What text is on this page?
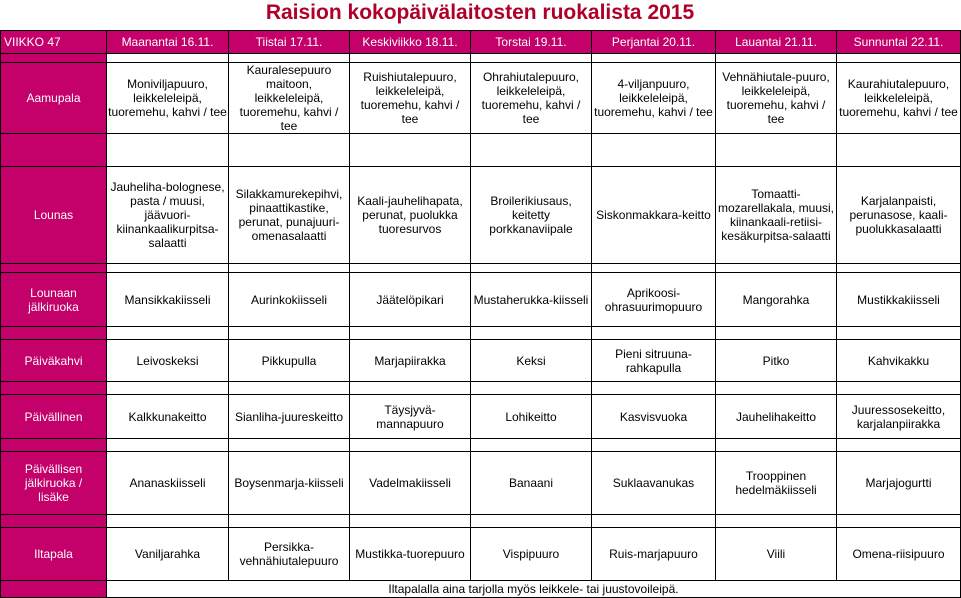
Raision kokopäivälaitosten ruokalista 2015
VIIKKO 47	Maanantai 16.11.	Tiistai 17.11.	Keskiviikko 18.11.	Torstai 19.11.	Perjantai 20.11.	Lauantai 21.11.	Sunnuntai 22.11.

Aamupala	Moniviljapuuro,
leikkeleleipä,
tuoremehu, kahvi / tee	Kauralesepuuro
maitoon, leikkeleleipä,
tuoremehu, kahvi / tee	Ruishiutalepuuro,
leikkeleleipä,
tuoremehu, kahvi / tee	Ohrahiutalepuuro,
leikkeleleipä,
tuoremehu, kahvi / tee	4-viljanpuuro,
leikkeleleipä,
tuoremehu, kahvi / tee	Vehnähiutale-puuro,
leikkeleleipä,
tuoremehu, kahvi / tee	Kaurahiutalepuuro,
leikkeleleipä,
tuoremehu, kahvi / tee

Lounas	Jauheliha-bolognese,
pasta / muusi,
jäävuori-
kiinankaalikurpitsa-
salaatti	Silakkamurekepihvi,
pinaattikastike,
perunat, punajuuri-
omenasalaatti	Kaali-jauhelihapata,
perunat, puolukka
tuoresurvos	Broilerikiusaus,
keitetty
porkkanaviipale	Siskonmakkara-keitto	Tomaatti-
mozarellakala, muusi,
kiinankaali-retiisi-
kesäkurpitsa-salaatti	Karjalanpaisti,
perunasose, kaali-
puolukkasalaatti

Lounaan
jälkiruoka	Mansikkakiisseli	Aurinkokiisseli	Jäätelöpikari	Mustaherukka-kiisseli	Aprikoosi-
ohrasuurimopuuro	Mangorahka	Mustikkakiisseli

Päiväkahvi	Leivoskeksi	Pikkupulla	Marjapiirakka	Keksi	Pieni sitruuna-
rahkapulla	Pitko	Kahvikakku

Päivällinen	Kalkkunakeitto	Sianliha-juureskeitto	Täysjyvä-mannapuuro	Lohikeitto	Kasvisvuoka	Jauhelihakeitto	Juuressosekeitto,
karjalanpiirakka

Päivällisen
jälkiruoka /
lisäke	Ananaskiisseli	Boysenmarja-kiisseli	Vadelmakiisseli	Banaani	Suklaavanukas	Trooppinen
hedelmäkiisseli	Marjajogurtti

Iltapala	Vaniljarahka	Persikka-
vehnähiutalepuuro	Mustikka-tuorepuuro	Vispipuuro	Ruis-marjapuuro	Viili	Omena-riisipuuro
	Iltapalalla aina tarjolla myös leikkele- tai juustovoileipä.						
